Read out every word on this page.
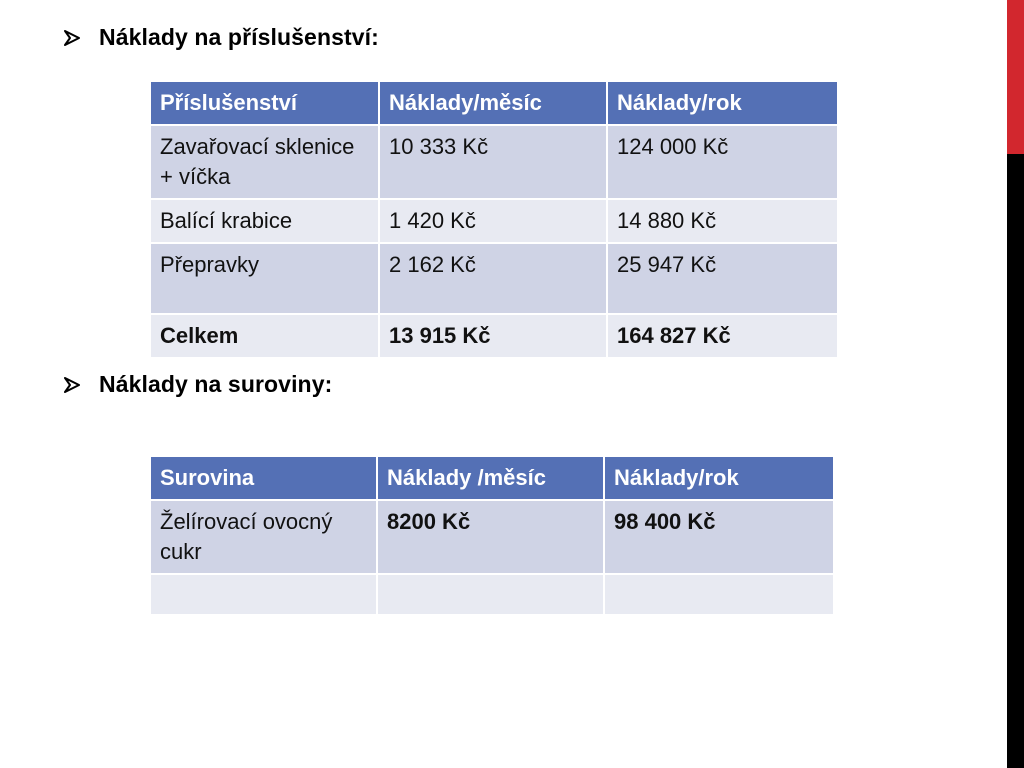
Náklady na příslušenství:
Příslušenství	Náklady/měsíc	Náklady/rok
Zavařovací sklenice + víčka	10 333 Kč	124 000 Kč
Balící krabice	1 420 Kč	14 880 Kč
Přepravky	2 162 Kč	25 947 Kč
Celkem	13 915 Kč	164 827 Kč
Náklady na suroviny:
Surovina	Náklady /měsíc	Náklady/rok
Želírovací ovocný cukr	8200 Kč	98 400 Kč
